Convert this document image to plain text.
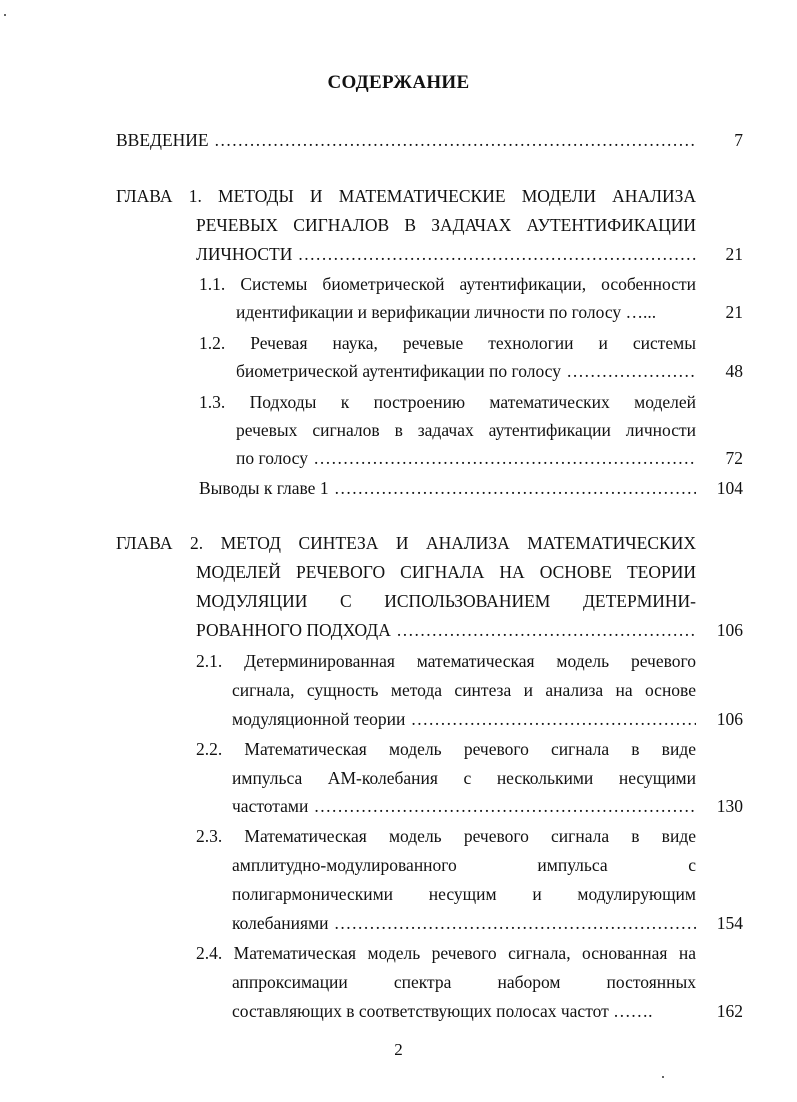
СОДЕРЖАНИЕ
ВВЕДЕНИЕ .....	7
ГЛАВА 1. МЕТОДЫ И МАТЕМАТИЧЕСКИЕ МОДЕЛИ АНАЛИЗА
РЕЧЕВЫХ СИГНАЛОВ В ЗАДАЧАХ АУТЕНТИФИКАЦИИ
ЛИЧНОСТИ .....	21
1.1. Системы биометрической аутентификации, особенности
идентификации и верификации личности по голосу …...	21
1.2. Речевая наука, речевые технологии и системы
биометрической аутентификации по голосу .....	48
1.3. Подходы к построению математических моделей
речевых сигналов в задачах аутентификации личности
по голосу .....	72
Выводы к главе 1 .....	104
ГЛАВА 2. МЕТОД СИНТЕЗА И АНАЛИЗА МАТЕМАТИЧЕСКИХ
МОДЕЛЕЙ РЕЧЕВОГО СИГНАЛА НА ОСНОВЕ ТЕОРИИ
МОДУЛЯЦИИ С ИСПОЛЬЗОВАНИЕМ ДЕТЕРМИНИ-
РОВАННОГО ПОДХОДА .....	106
2.1. Детерминированная математическая модель речевого
сигнала, сущность метода синтеза и анализа на основе
модуляционной теории .....	106
2.2. Математическая модель речевого сигнала в виде
импульса АМ-колебания с несколькими несущими
частотами .....	130
2.3. Математическая модель речевого сигнала в виде
амплитудно-модулированного импульса с
полигармоническими несущим и модулирующим
колебаниями .....	154
2.4. Математическая модель речевого сигнала, основанная на
аппроксимации спектра набором постоянных
составляющих в соответствующих полосах частот …….	162
2
